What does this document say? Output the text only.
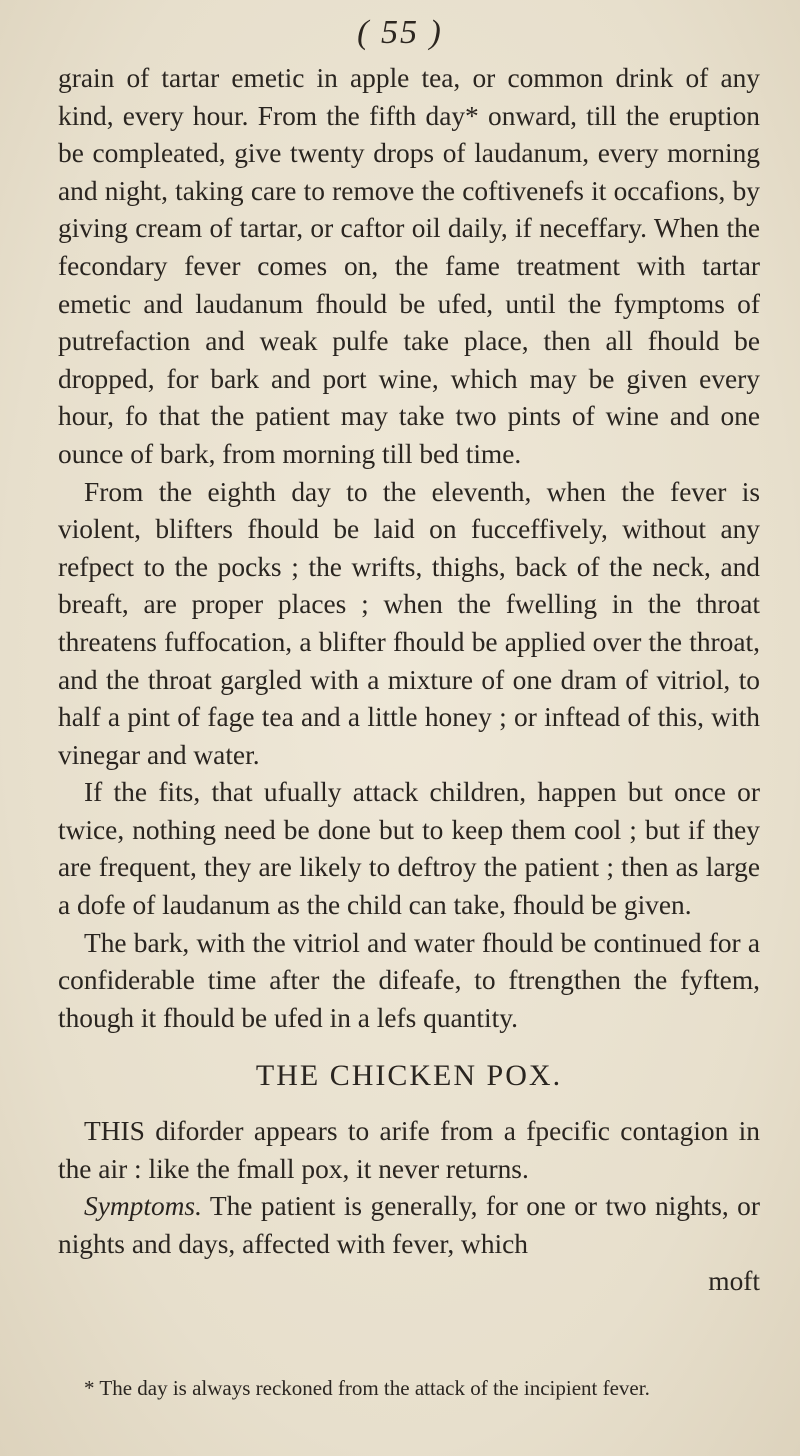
( 55 )

grain of tartar emetic in apple tea, or common drink of any kind, every hour. From the fifth day* onward, till the eruption be compleated, give twenty drops of laudanum, every morning and night, taking care to remove the coftivenefs it occafions, by giving cream of tartar, or caftor oil daily, if neceffary. When the fecondary fever comes on, the fame treatment with tartar emetic and laudanum fhould be ufed, until the fymptoms of putrefaction and weak pulfe take place, then all fhould be dropped, for bark and port wine, which may be given every hour, fo that the patient may take two pints of wine and one ounce of bark, from morning till bed time.

From the eighth day to the eleventh, when the fever is violent, blifters fhould be laid on fucceffively, without any refpect to the pocks ; the wrifts, thighs, back of the neck, and breaft, are proper places ; when the fwelling in the throat threatens fuffocation, a blifter fhould be applied over the throat, and the throat gargled with a mixture of one dram of vitriol, to half a pint of fage tea and a little honey ; or inftead of this, with vinegar and water.

If the fits, that ufually attack children, happen but once or twice, nothing need be done but to keep them cool ; but if they are frequent, they are likely to deftroy the patient ; then as large a dofe of laudanum as the child can take, fhould be given.

The bark, with the vitriol and water fhould be continued for a confiderable time after the difeafe, to ftrengthen the fyftem, though it fhould be ufed in a lefs quantity.

THE CHICKEN POX.

THIS diforder appears to arife from a fpecific contagion in the air : like the fmall pox, it never returns.

Symptoms. The patient is generally, for one or two nights, or nights and days, affected with fever, which

moft

* The day is always reckoned from the attack of the incipient fever.
